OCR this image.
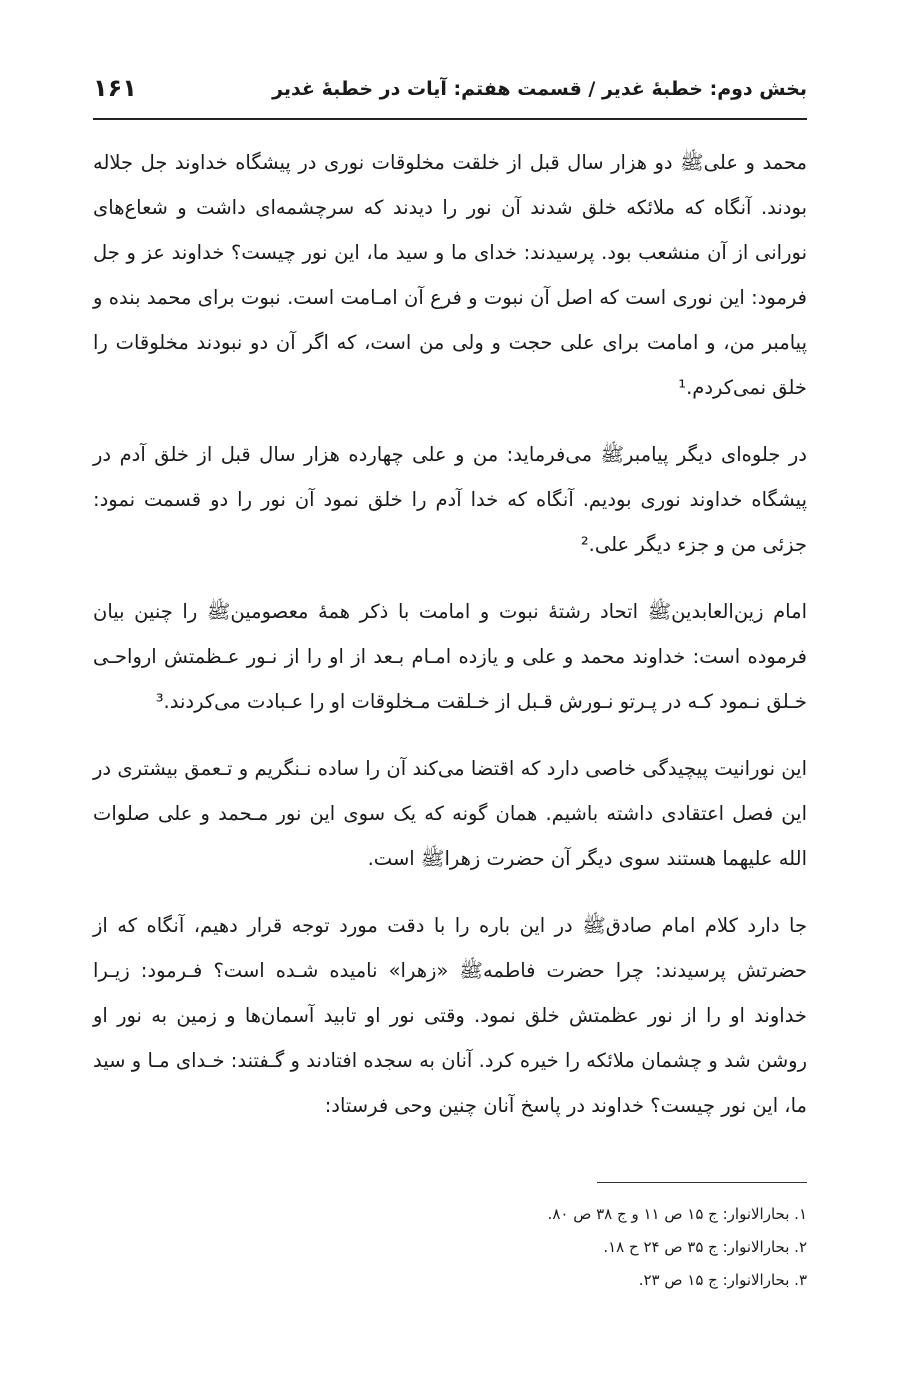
بخش دوم: خطبهٔ غدیر / قسمت هفتم: آیات در خطبهٔ غدیر
۱۶۱

محمد و علیﷺ دو هزار سال قبل از خلقت مخلوقات نوری در پیشگاه خداوند جل جلاله بودند. آنگاه که ملائکه خلق شدند آن نور را دیدند که سرچشمه‌ای داشت و شعاع‌های نورانی از آن منشعب بود. پرسیدند: خدای ما و سید ما، این نور چیست؟ خداوند عز و جل فرمود: این نوری است که اصل آن نبوت و فرع آن امـامت است. نبوت برای محمد بنده و پیامبر من، و امامت برای علی حجت و ولی من است، که اگر آن دو نبودند مخلوقات را خلق نمی‌کردم.¹

در جلوه‌ای دیگر پیامبرﷺ می‌فرماید: من و علی چهارده هزار سال قبل از خلق آدم در پیشگاه خداوند نوری بودیم. آنگاه که خدا آدم را خلق نمود آن نور را دو قسمت نمود: جزئی من و جزء دیگر علی.²

امام زین‌العابدینﷺ اتحاد رشتهٔ نبوت و امامت با ذکر همهٔ معصومینﷺ را چنین بیان فرموده است: خداوند محمد و علی و یازده امـام بـعد از او را از نـور عـظمتش ارواحـی خـلق نـمود کـه در پـرتو نـورش قـبل از خـلقت مـخلوقات او را عـبادت می‌کردند.³

این نورانیت پیچیدگی خاصی دارد که اقتضا می‌کند آن را ساده نـنگریم و تـعمق بیشتری در این فصل اعتقادی داشته باشیم. همان گونه که یک سوی این نور مـحمد و علی صلوات الله علیهما هستند سوی دیگر آن حضرت زهراﷺ است.

جا دارد کلام امام صادقﷺ در این باره را با دقت مورد توجه قرار دهیم، آنگاه که از حضرتش پرسیدند: چرا حضرت فاطمهﷺ «زهرا» نامیده شـده است؟ فـرمود: زیـرا خداوند او را از نور عظمتش خلق نمود. وقتی نور او تابید آسمان‌ها و زمین به نور او روشن شد و چشمان ملائکه را خیره کرد. آنان به سجده افتادند و گـفتند: خـدای مـا و سید ما، این نور چیست؟ خداوند در پاسخ آنان چنین وحی فرستاد:

۱. بحارالانوار: ج ۱۵ ص ۱۱ و ج ۳۸ ص ۸۰.
۲. بحارالانوار: ج ۳۵ ص ۲۴ ح ۱۸.
۳. بحارالانوار: ج ۱۵ ص ۲۳.
